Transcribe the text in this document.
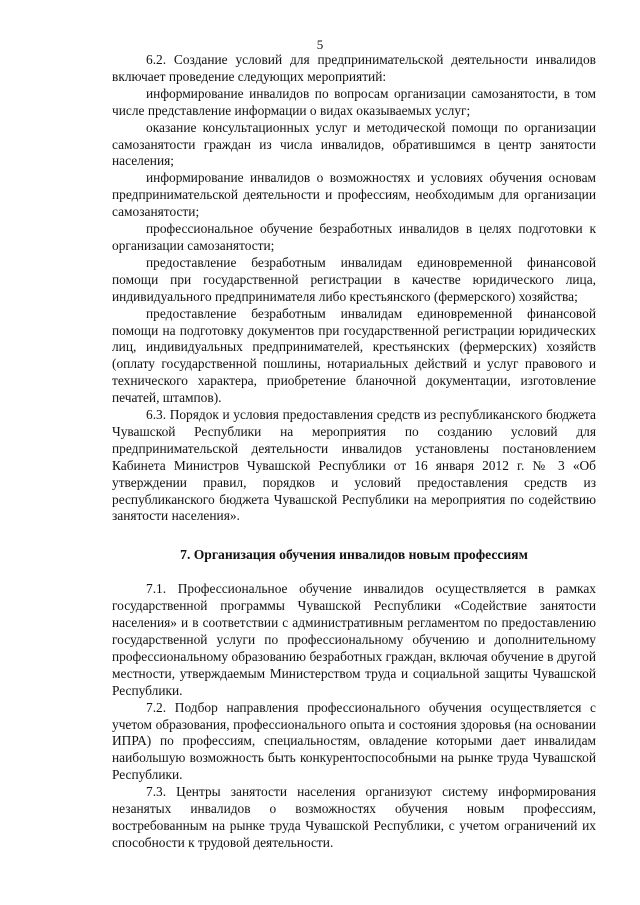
5

6.2. Создание условий для предпринимательской деятельности инвалидов включает проведение следующих мероприятий:

информирование инвалидов по вопросам организации самозанятости, в том числе представление информации о видах оказываемых услуг;

оказание консультационных услуг и методической помощи по организации самозанятости граждан из числа инвалидов, обратившимся в центр занятости населения;

информирование инвалидов о возможностях и условиях обучения основам предпринимательской деятельности и профессиям, необходимым для организации самозанятости;

профессиональное обучение безработных инвалидов в целях подготовки к организации самозанятости;

предоставление безработным инвалидам единовременной финансовой помощи при государственной регистрации в качестве юридического лица, индивидуального предпринимателя либо крестьянского (фермерского) хозяйства;

предоставление безработным инвалидам единовременной финансовой помощи на подготовку документов при государственной регистрации юридических лиц, индивидуальных предпринимателей, крестьянских (фермерских) хозяйств (оплату государственной пошлины, нотариальных действий и услуг правового и технического характера, приобретение бланочной документации, изготовление печатей, штампов).

6.3. Порядок и условия предоставления средств из республиканского бюджета Чувашской Республики на мероприятия по созданию условий для предпринимательской деятельности инвалидов установлены постановлением Кабинета Министров Чувашской Республики от 16 января 2012 г. № 3 «Об утверждении правил, порядков и условий предоставления средств из республиканского бюджета Чувашской Республики на мероприятия по содействию занятости населения».

7. Организация обучения инвалидов новым профессиям

7.1. Профессиональное обучение инвалидов осуществляется в рамках государственной программы Чувашской Республики «Содействие занятости населения» и в соответствии с административным регламентом по предоставлению государственной услуги по профессиональному обучению и дополнительному профессиональному образованию безработных граждан, включая обучение в другой местности, утверждаемым Министерством труда и социальной защиты Чувашской Республики.

7.2. Подбор направления профессионального обучения осуществляется с учетом образования, профессионального опыта и состояния здоровья (на основании ИПРА) по профессиям, специальностям, овладение которыми дает инвалидам наибольшую возможность быть конкурентоспособными на рынке труда Чувашской Республики.

7.3. Центры занятости населения организуют систему информирования незанятых инвалидов о возможностях обучения новым профессиям, востребованным на рынке труда Чувашской Республики, с учетом ограничений их способности к трудовой деятельности.
